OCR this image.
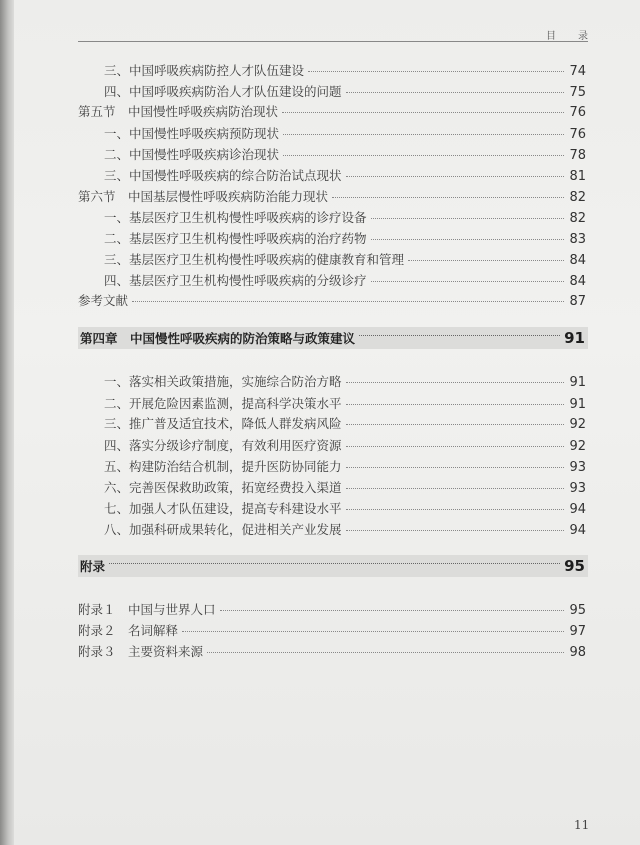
目　录
三、中国呼吸疾病防控人才队伍建设	74
四、中国呼吸疾病防治人才队伍建设的问题	75
第五节　中国慢性呼吸疾病防治现状	76
一、中国慢性呼吸疾病预防现状	76
二、中国慢性呼吸疾病诊治现状	78
三、中国慢性呼吸疾病的综合防治试点现状	81
第六节　中国基层慢性呼吸疾病防治能力现状	82
一、基层医疗卫生机构慢性呼吸疾病的诊疗设备	82
二、基层医疗卫生机构慢性呼吸疾病的治疗药物	83
三、基层医疗卫生机构慢性呼吸疾病的健康教育和管理	84
四、基层医疗卫生机构慢性呼吸疾病的分级诊疗	84
参考文献	87
第四章　中国慢性呼吸疾病的防治策略与政策建议	91
一、落实相关政策措施，实施综合防治方略	91
二、开展危险因素监测，提高科学决策水平	91
三、推广普及适宜技术，降低人群发病风险	92
四、落实分级诊疗制度，有效利用医疗资源	92
五、构建防治结合机制，提升医防协同能力	93
六、完善医保救助政策，拓宽经费投入渠道	93
七、加强人才队伍建设，提高专科建设水平	94
八、加强科研成果转化，促进相关产业发展	94
附录	95
附录１　中国与世界人口	95
附录２　名词解释	97
附录３　主要资料来源	98
11
